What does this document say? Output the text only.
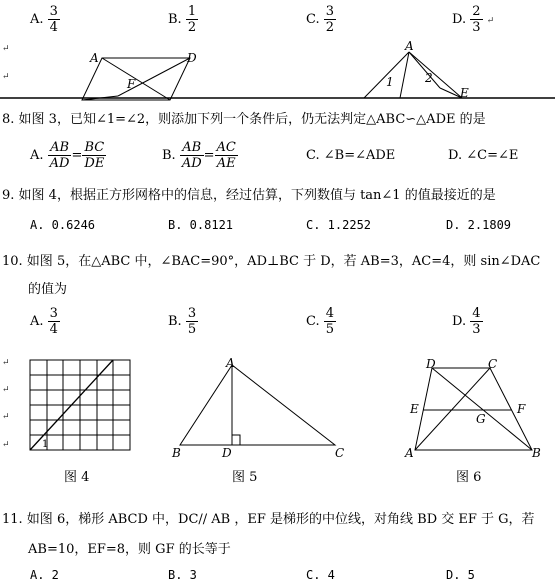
A. $\frac{3}{4}$	B. $\frac{1}{2}$	C. $\frac{3}{2}$	D. $\frac{2}{3}$ ↵
↵
↵
A	D
F
A
1	2
E
8. 如图 3，已知∠1=∠2，则添加下列一个条件后，仍无法判定△ABC∽△ADE 的是
A. $\frac{AB}{AD} = \frac{BC}{DE}$	B. $\frac{AB}{AD} = \frac{AC}{AE}$	C. ∠B=∠ADE	D. ∠C=∠E
9. 如图 4，根据正方形网格中的信息，经过估算，下列数值与 tan∠1 的值最接近的是
A. 0.6246	B. 0.8121	C. 1.2252	D. 2.1809
10. 如图 5，在△ABC 中，∠BAC=90°，AD⊥BC 于 D，若 AB=3，AC=4，则 sin∠DAC
的值为
A. $\frac{3}{4}$	B. $\frac{3}{5}$	C. $\frac{4}{5}$	D. $\frac{4}{3}$
↵
↵
↵
↵	1
A
B	D	C
D	C
E
G
F
A	B
图 4	图 5	图 6
11. 如图 6，梯形 ABCD 中，DC// AB ，EF 是梯形的中位线，对角线 BD 交 EF 于 G，若
AB=10，EF=8，则 GF 的长等于
A. 2	B. 3	C. 4	D. 5
